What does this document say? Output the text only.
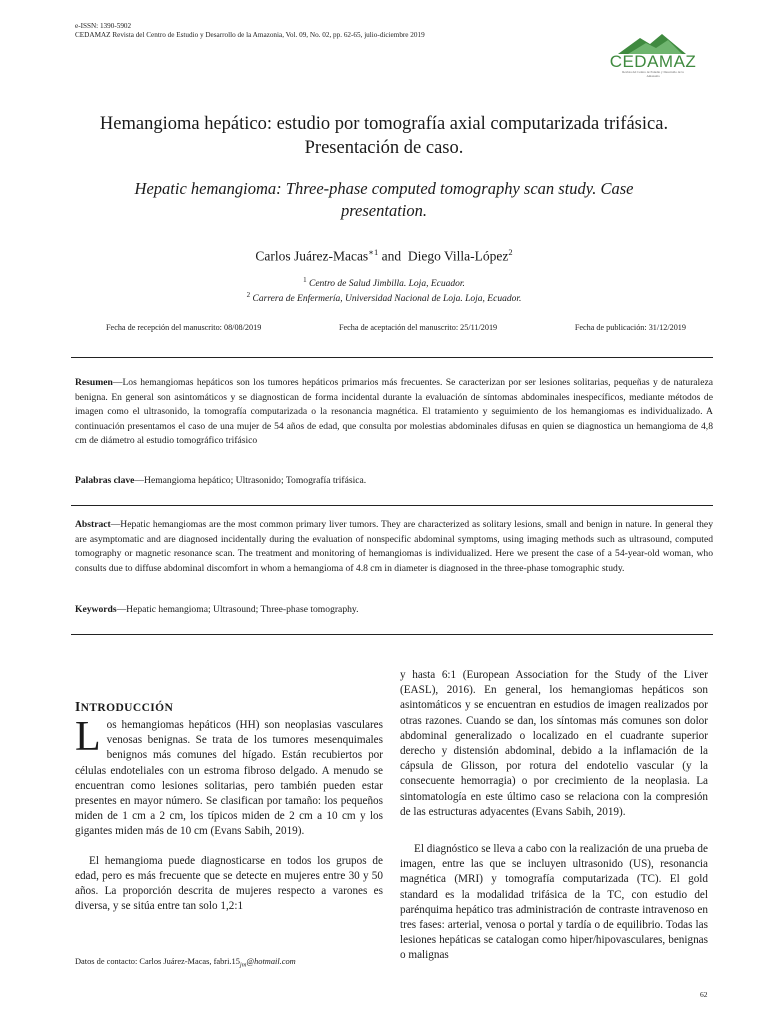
e-ISSN: 1390-5902
CEDAMAZ Revista del Centro de Estudio y Desarrollo de la Amazonia, Vol. 09, No. 02, pp. 62-65, julio-diciembre 2019
CEDAMAZ
Revista del Centro de Estudio y Desarrollo de la Amazonía
Hemangioma hepático: estudio por tomografía axial computarizada trifásica.
Presentación de caso.
Hepatic hemangioma: Three-phase computed tomography scan study. Case
presentation.
Carlos Juárez-Macas$^{∗1}$ and Diego Villa-López$^2$
$^1$ Centro de Salud Jimbilla. Loja, Ecuador.
$^2$ Carrera de Enfermería, Universidad Nacional de Loja. Loja, Ecuador.
Fecha de recepción del manuscrito: 08/08/2019	Fecha de aceptación del manuscrito: 25/11/2019	Fecha de publicación: 31/12/2019
Resumen—Los hemangiomas hepáticos son los tumores hepáticos primarios más frecuentes. Se caracterizan por ser lesiones solitarias, pequeñas y de naturaleza benigna. En general son asintomáticos y se diagnostican de forma incidental durante la evaluación de síntomas abdominales inespecíficos, mediante métodos de imagen como el ultrasonido, la tomografía computarizada o la resonancia magnética. El tratamiento y seguimiento de los hemangiomas es individualizado. A continuación presentamos el caso de una mujer de 54 años de edad, que consulta por molestias abdominales difusas en quien se diagnostica un hemangioma de 4,8 cm de diámetro al estudio tomográfico trifásico
Palabras clave—Hemangioma hepático; Ultrasonido; Tomografía trifásica.
Abstract—Hepatic hemangiomas are the most common primary liver tumors. They are characterized as solitary lesions, small and benign in nature. In general they are asymptomatic and are diagnosed incidentally during the evaluation of nonspecific abdominal symptoms, using imaging methods such as ultrasound, computed tomography or magnetic resonance scan. The treatment and monitoring of hemangiomas is individualized. Here we present the case of a 54-year-old woman, who consults due to diffuse abdominal discomfort in whom a hemangioma of 4.8 cm in diameter is diagnosed in the three-phase tomographic study.
Keywords—Hepatic hemangioma; Ultrasound; Three-phase tomography.
INTRODUCCIÓN

Los hemangiomas hepáticos (HH) son neoplasias vasculares venosas benignas. Se trata de los tumores mesenquimales benignos más comunes del hígado. Están recubiertos por células endoteliales con un estroma fibroso delgado. A menudo se encuentran como lesiones solitarias, pero también pueden estar presentes en mayor número. Se clasifican por tamaño: los pequeños miden de 1 cm a 2 cm, los típicos miden de 2 cm a 10 cm y los gigantes miden más de 10 cm (Evans Sabih, 2019).

El hemangioma puede diagnosticarse en todos los grupos de edad, pero es más frecuente que se detecte en mujeres entre 30 y 50 años. La proporción descrita de mujeres respecto a varones es diversa, y se sitúa entre tan solo 1,2:1

y hasta 6:1 (European Association for the Study of the Liver (EASL), 2016). En general, los hemangiomas hepáticos son asintomáticos y se encuentran en estudios de imagen realizados por otras razones. Cuando se dan, los síntomas más comunes son dolor abdominal generalizado o localizado en el cuadrante superior derecho y distensión abdominal, debido a la inflamación de la cápsula de Glisson, por rotura del endotelio vascular (y la consecuente hemorragia) o por crecimiento de la neoplasia. La sintomatología en este último caso se relaciona con la compresión de las estructuras adyacentes (Evans Sabih, 2019).

El diagnóstico se lleva a cabo con la realización de una prueba de imagen, entre las que se incluyen ultrasonido (US), resonancia magnética (MRI) y tomografía computarizada (TC). El gold standard es la modalidad trifásica de la TC, con estudio del parénquima hepático tras administración de contraste intravenoso en tres fases: arterial, venosa o portal y tardía o de equilibrio. Todas las lesiones hepáticas se catalogan como hiper/hipovasculares, benignas o malignas

Datos de contacto: Carlos Juárez-Macas, $fabri.15_{jm}@hotmail.com$
62
